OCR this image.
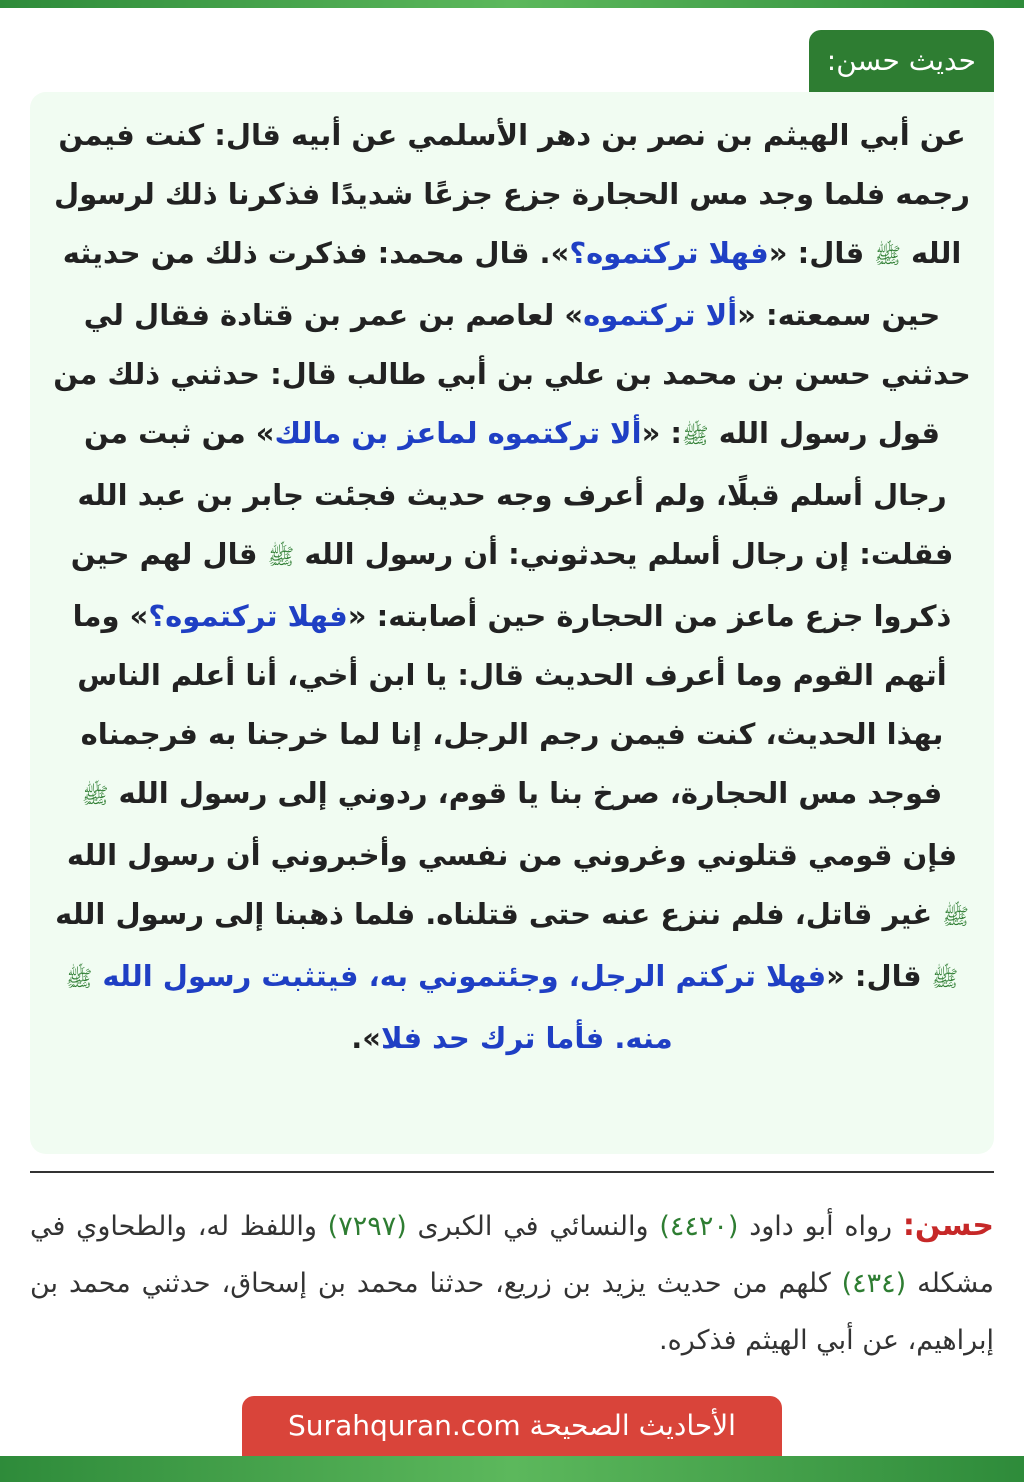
حديث حسن:

عن أبي الهيثم بن نصر بن دهر الأسلمي عن أبيه قال: كنت فيمن رجمه فلما وجد مس الحجارة جزع جزعًا شديدًا فذكرنا ذلك لرسول الله ﷺ قال: «فهلا تركتموه؟». قال محمد: فذكرت ذلك من حديثه حين سمعته: «ألا تركتموه» لعاصم بن عمر بن قتادة فقال لي حدثني حسن بن محمد بن علي بن أبي طالب قال: حدثني ذلك من قول رسول الله ﷺ: «ألا تركتموه لماعز بن مالك» من ثبت من رجال أسلم قبلًا، ولم أعرف وجه حديث فجئت جابر بن عبد الله فقلت: إن رجال أسلم يحدثوني: أن رسول الله ﷺ قال لهم حين ذكروا جزع ماعز من الحجارة حين أصابته: «فهلا تركتموه؟» وما أتهم القوم وما أعرف الحديث قال: يا ابن أخي، أنا أعلم الناس بهذا الحديث، كنت فيمن رجم الرجل، إنا لما خرجنا به فرجمناه فوجد مس الحجارة، صرخ بنا يا قوم، ردوني إلى رسول الله ﷺ فإن قومي قتلوني وغروني من نفسي وأخبروني أن رسول الله ﷺ غير قاتل، فلم ننزع عنه حتى قتلناه. فلما ذهبنا إلى رسول الله ﷺ قال: «فهلا تركتم الرجل، وجئتموني به، فيتثبت رسول الله ﷺ منه. فأما ترك حد فلا».

حسن: رواه أبو داود (٤٤٢٠) والنسائي في الكبرى (٧٢٩٧) واللفظ له، والطحاوي في مشكله (٤٣٤) كلهم من حديث يزيد بن زريع، حدثنا محمد بن إسحاق، حدثني محمد بن إبراهيم، عن أبي الهيثم فذكره.

الأحاديث الصحيحة Surahquran.com
